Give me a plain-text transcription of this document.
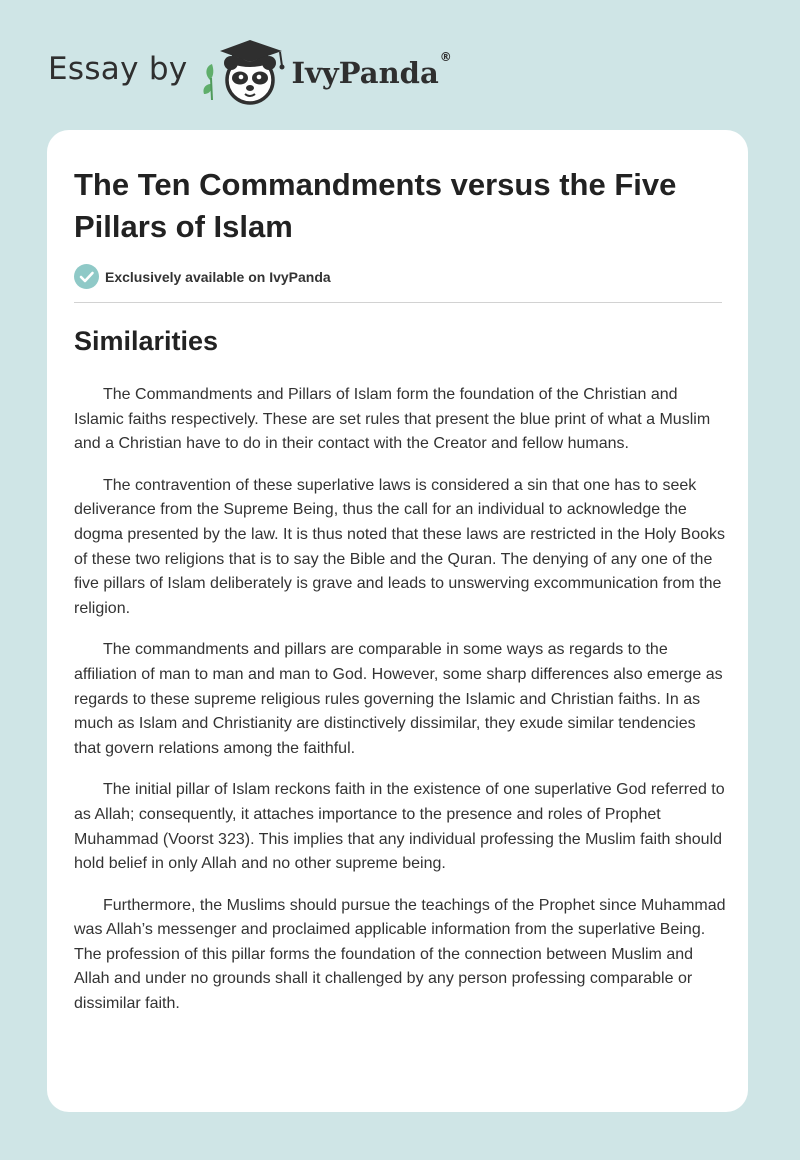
Essay by	IvyPanda®
The Ten Commandments versus the Five Pillars of Islam
Exclusively available on IvyPanda
Similarities

The Commandments and Pillars of Islam form the foundation of the Christian and Islamic faiths respectively. These are set rules that present the blue print of what a Muslim and a Christian have to do in their contact with the Creator and fellow humans.

The contravention of these superlative laws is considered a sin that one has to seek deliverance from the Supreme Being, thus the call for an individual to acknowledge the dogma presented by the law. It is thus noted that these laws are restricted in the Holy Books of these two religions that is to say the Bible and the Quran. The denying of any one of the five pillars of Islam deliberately is grave and leads to unswerving excommunication from the religion.

The commandments and pillars are comparable in some ways as regards to the affiliation of man to man and man to God. However, some sharp differences also emerge as regards to these supreme religious rules governing the Islamic and Christian faiths. In as much as Islam and Christianity are distinctively dissimilar, they exude similar tendencies that govern relations among the faithful.

The initial pillar of Islam reckons faith in the existence of one superlative God referred to as Allah; consequently, it attaches importance to the presence and roles of Prophet Muhammad (Voorst 323). This implies that any individual professing the Muslim faith should hold belief in only Allah and no other supreme being.

Furthermore, the Muslims should pursue the teachings of the Prophet since Muhammad was Allah’s messenger and proclaimed applicable information from the superlative Being. The profession of this pillar forms the foundation of the connection between Muslim and Allah and under no grounds shall it challenged by any person professing comparable or dissimilar faith.
